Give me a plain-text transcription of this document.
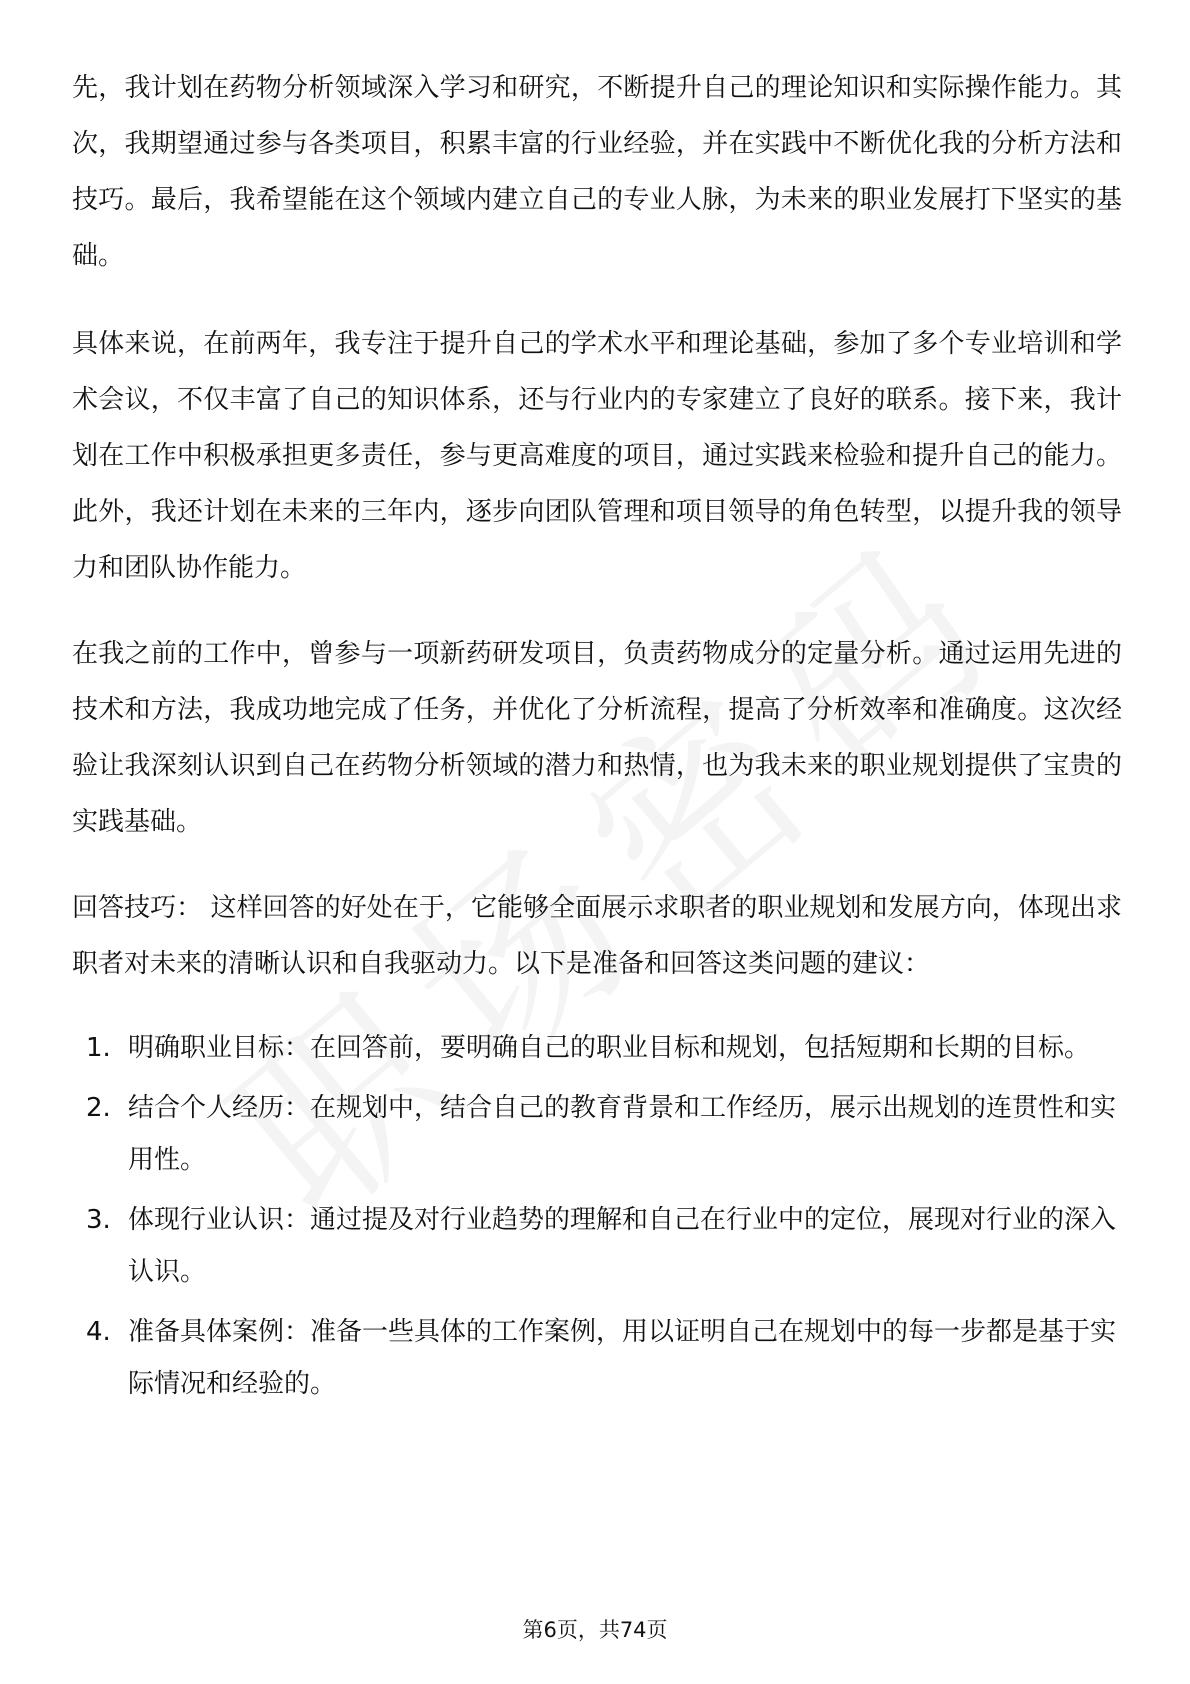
先，我计划在药物分析领域深入学习和研究，不断提升自己的理论知识和实际操作能力。其次，我期望通过参与各类项目，积累丰富的行业经验，并在实践中不断优化我的分析方法和技巧。最后，我希望能在这个领域内建立自己的专业人脉，为未来的职业发展打下坚实的基础。

具体来说，在前两年，我专注于提升自己的学术水平和理论基础，参加了多个专业培训和学术会议，不仅丰富了自己的知识体系，还与行业内的专家建立了良好的联系。接下来，我计划在工作中积极承担更多责任，参与更高难度的项目，通过实践来检验和提升自己的能力。此外，我还计划在未来的三年内，逐步向团队管理和项目领导的角色转型，以提升我的领导力和团队协作能力。

在我之前的工作中，曾参与一项新药研发项目，负责药物成分的定量分析。通过运用先进的技术和方法，我成功地完成了任务，并优化了分析流程，提高了分析效率和准确度。这次经验让我深刻认识到自己在药物分析领域的潜力和热情，也为我未来的职业规划提供了宝贵的实践基础。

回答技巧： 这样回答的好处在于，它能够全面展示求职者的职业规划和发展方向，体现出求职者对未来的清晰认识和自我驱动力。以下是准备和回答这类问题的建议：

1. 明确职业目标：在回答前，要明确自己的职业目标和规划，包括短期和长期的目标。
2. 结合个人经历：在规划中，结合自己的教育背景和工作经历，展示出规划的连贯性和实用性。
3. 体现行业认识：通过提及对行业趋势的理解和自己在行业中的定位，展现对行业的深入认识。
4. 准备具体案例：准备一些具体的工作案例，用以证明自己在规划中的每一步都是基于实际情况和经验的。
第6页，共74页
